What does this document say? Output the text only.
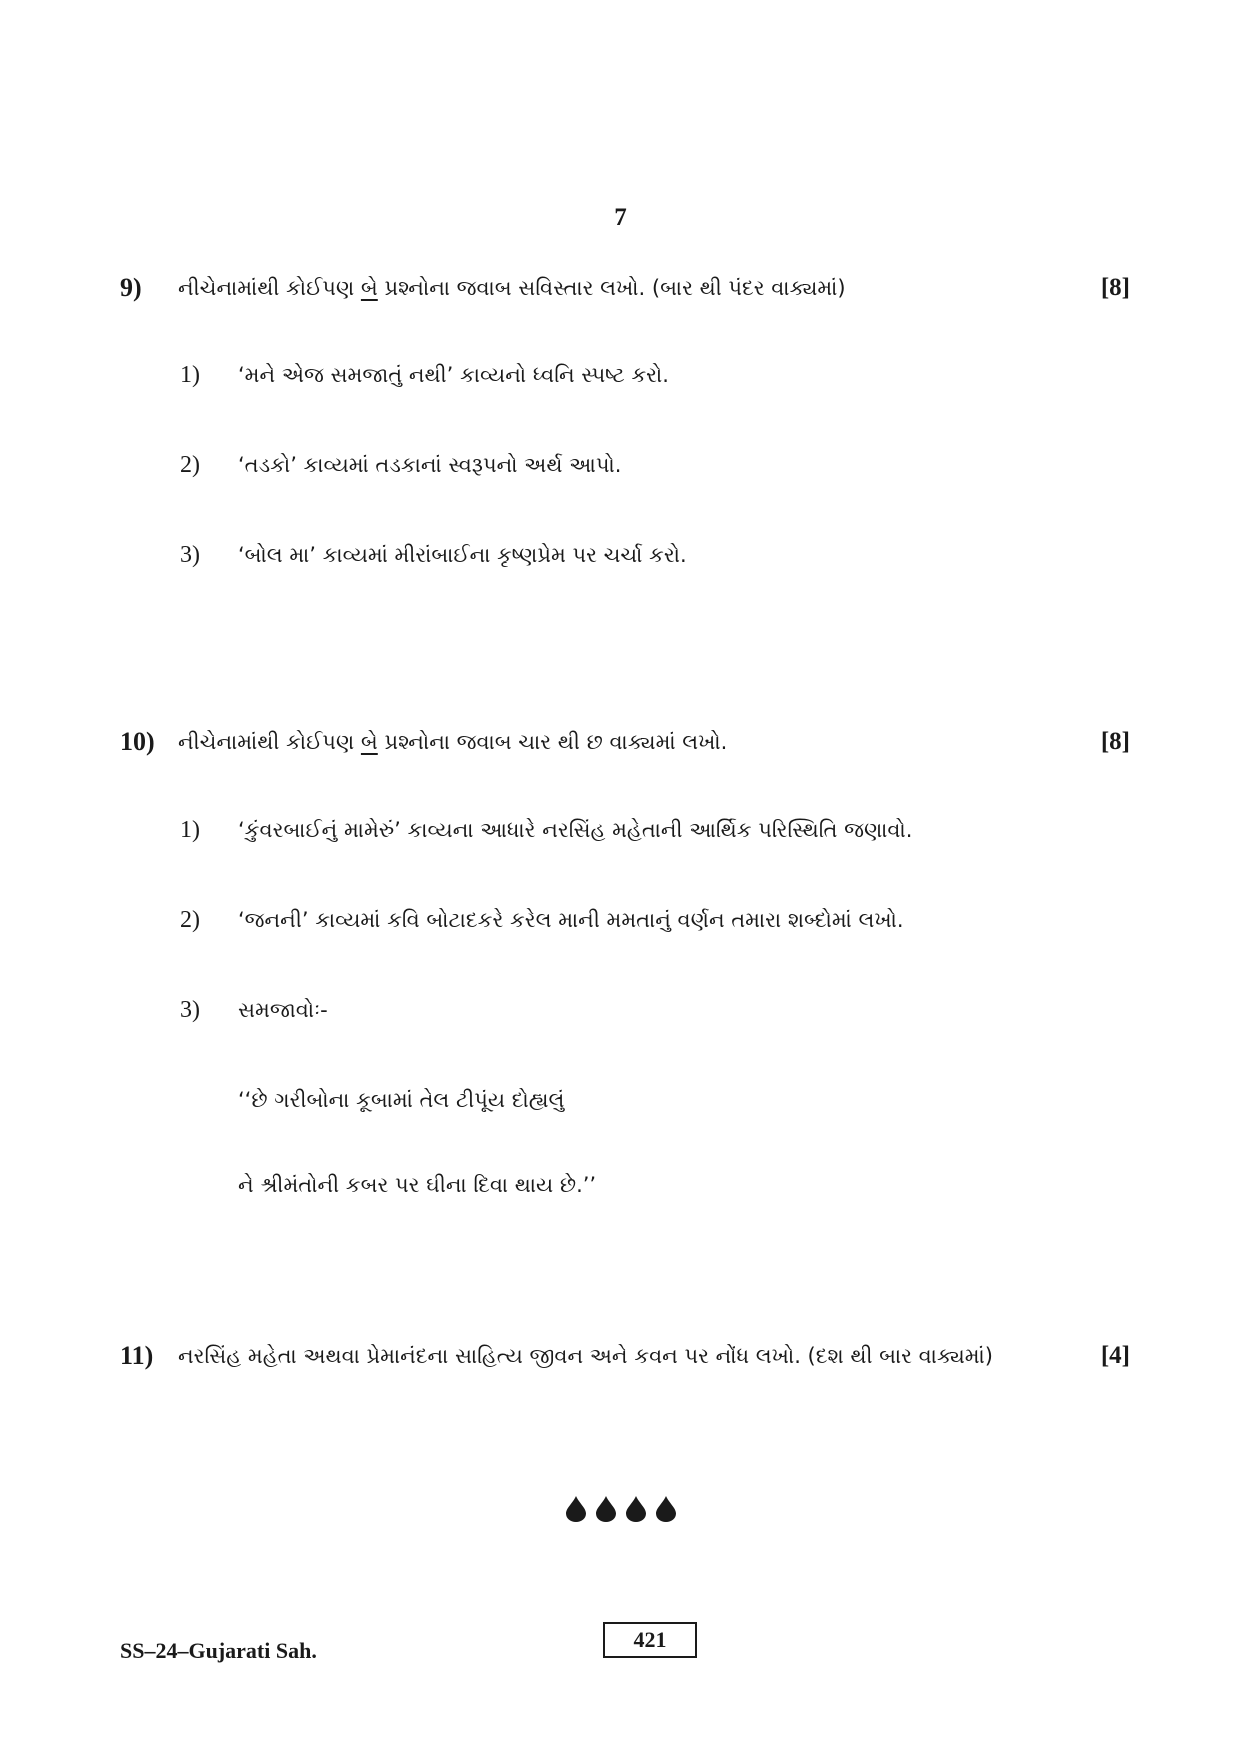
7
9) નીચેનામાંથી કોઈપણ બે પ્રશ્નોના જવાબ સવિસ્તાર લખો. (બાર થી પંદર વાક્યમાં)	[8]
1) ‘મને એજ સમજાતું નથી’ કાવ્યનો ધ્વનિ સ્પષ્ટ કરો.
2) ‘તડકો’ કાવ્યમાં તડકાનાં સ્વરૂપનો અર્થ આપો.
3) ‘બોલ મા’ કાવ્યમાં મીરાંબાઈના કૃષ્ણપ્રેમ પર ચર્ચા કરો.
10) નીચેનામાંથી કોઈપણ બે પ્રશ્નોના જવાબ ચાર થી છ વાક્યમાં લખો.	[8]
1) ‘કુંવરબાઈનું મામેરું’ કાવ્યના આધારે નરસિંહ મહેતાની આર્થિક પરિસ્થિતિ જણાવો.
2) ‘જનની’ કાવ્યમાં કવિ બોટાદકરે કરેલ માની મમતાનું વર્ણન તમારા શબ્દોમાં લખો.
3) સમજાવોઃ-
‘‘છે ગરીબોના કૂબામાં તેલ ટીપૂંય દોહ્યલું
ને શ્રીમંતોની કબર પર ઘીના દિવા થાય છે.’’
11) નરસિંહ મહેતા અથવા પ્રેમાનંદના સાહિત્ય જીવન અને કવન પર નોંધ લખો. (દશ થી બાર વાક્યમાં)	[4]
SS–24–Gujarati Sah.	421
